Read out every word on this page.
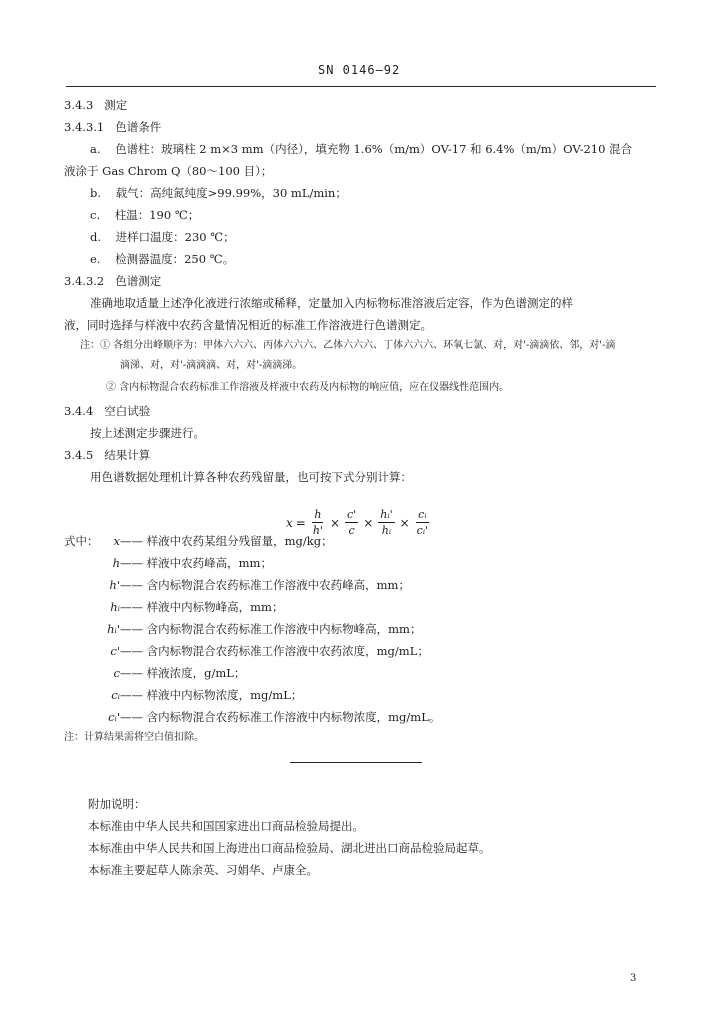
SN 0146—92
3.4.3 测定
3.4.3.1 色谱条件
a. 色谱柱：玻璃柱 2 m×3 mm（内径），填充物 1.6%（m/m）OV-17 和 6.4%（m/m）OV-210 混合
液涂于 Gas Chrom Q（80～100 目）；
b. 载气：高纯氮纯度>99.99%，30 mL/min；
c. 柱温：190 ℃；
d. 进样口温度：230 ℃；
e. 检测器温度：250 ℃。
3.4.3.2 色谱测定
准确地取适量上述净化液进行浓缩或稀释，定量加入内标物标准溶液后定容，作为色谱测定的样
液，同时选择与样液中农药含量情况相近的标准工作溶液进行色谱测定。
注：① 各组分出峰顺序为：甲体六六六、丙体六六六、乙体六六六、丁体六六六、环氧七氯、对，对'-滴滴依、邻，对'-滴
滴涕、对，对'-滴滴滴、对，对'-滴滴涕。
② 含内标物混合农药标准工作溶液及样液中农药及内标物的响应值，应在仪器线性范围内。
3.4.4 空白试验
按上述测定步骤进行。
3.4.5 结果计算
用色谱数据处理机计算各种农药残留量，也可按下式分别计算：
$x = \frac{h}{h'} \times \frac{c'}{c} \times \frac{\text{hᵢ'}}{\text{hᵢ}} \times \frac{\text{cᵢ}}{\text{cᵢ'}}$
式中：	x—— 样液中农药某组分残留量，mg/kg；
h—— 样液中农药峰高，mm；
h'—— 含内标物混合农药标准工作溶液中农药峰高，mm；
hᵢ—— 样液中内标物峰高，mm；
hᵢ'—— 含内标物混合农药标准工作溶液中内标物峰高，mm；
c'—— 含内标物混合农药标准工作溶液中农药浓度，mg/mL；
c—— 样液浓度，g/mL；
cᵢ—— 样液中内标物浓度，mg/mL；
cᵢ'—— 含内标物混合农药标准工作溶液中内标物浓度，mg/mL。
注：计算结果需将空白值扣除。
附加说明：
本标准由中华人民共和国国家进出口商品检验局提出。
本标准由中华人民共和国上海进出口商品检验局、湖北进出口商品检验局起草。
本标准主要起草人陈余英、习娟华、卢康全。
3
